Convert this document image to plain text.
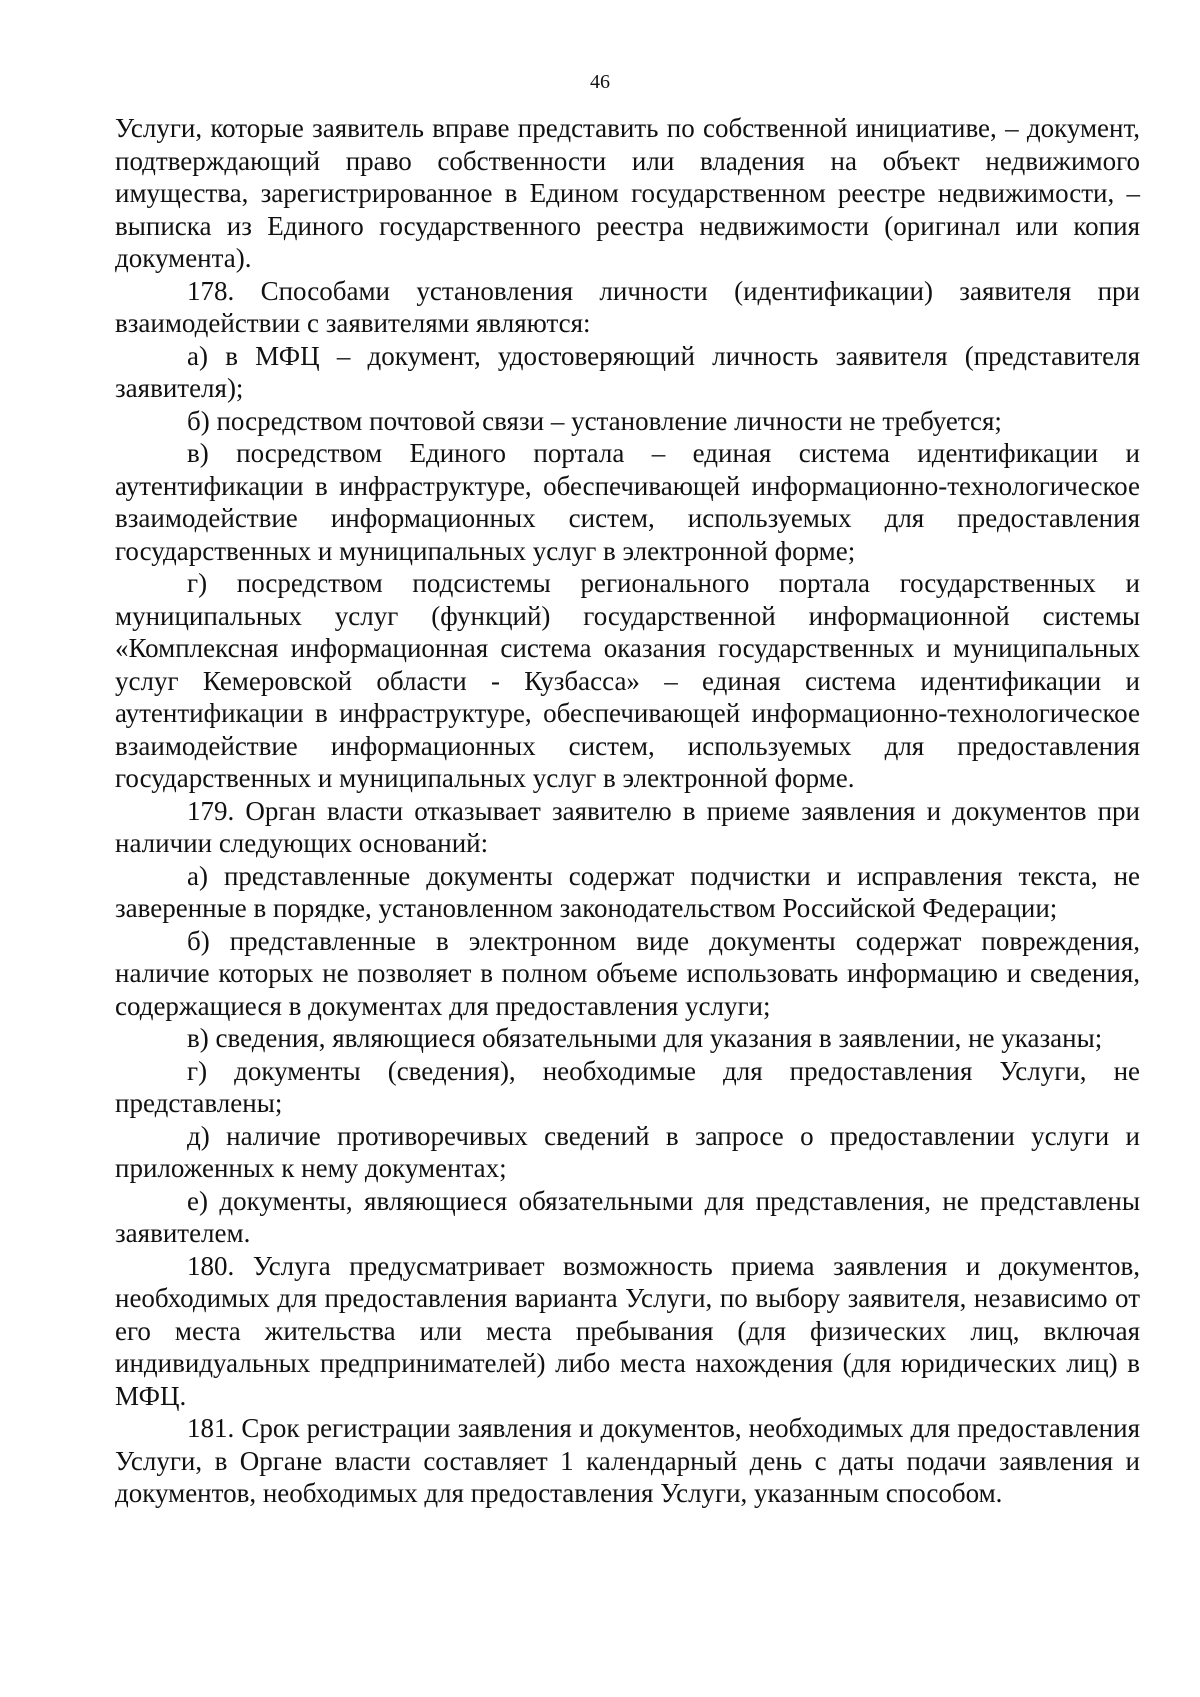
46

Услуги, которые заявитель вправе представить по собственной инициативе, – документ, подтверждающий право собственности или владения на объект недвижимого имущества, зарегистрированное в Едином государственном реестре недвижимости, – выписка из Единого государственного реестра недвижимости (оригинал или копия документа).

178. Способами установления личности (идентификации) заявителя при взаимодействии с заявителями являются:

а) в МФЦ – документ, удостоверяющий личность заявителя (представителя заявителя);

б) посредством почтовой связи – установление личности не требуется;

в) посредством Единого портала – единая система идентификации и аутентификации в инфраструктуре, обеспечивающей информационно-технологическое взаимодействие информационных систем, используемых для предоставления государственных и муниципальных услуг в электронной форме;

г) посредством подсистемы регионального портала государственных и муниципальных услуг (функций) государственной информационной системы «Комплексная информационная система оказания государственных и муниципальных услуг Кемеровской области - Кузбасса» – единая система идентификации и аутентификации в инфраструктуре, обеспечивающей информационно-технологическое взаимодействие информационных систем, используемых для предоставления государственных и муниципальных услуг в электронной форме.

179. Орган власти отказывает заявителю в приеме заявления и документов при наличии следующих оснований:

а) представленные документы содержат подчистки и исправления текста, не заверенные в порядке, установленном законодательством Российской Федерации;

б) представленные в электронном виде документы содержат повреждения, наличие которых не позволяет в полном объеме использовать информацию и сведения, содержащиеся в документах для предоставления услуги;

в) сведения, являющиеся обязательными для указания в заявлении, не указаны;

г) документы (сведения), необходимые для предоставления Услуги, не представлены;

д) наличие противоречивых сведений в запросе о предоставлении услуги и приложенных к нему документах;

е) документы, являющиеся обязательными для представления, не представлены заявителем.

180. Услуга предусматривает возможность приема заявления и документов, необходимых для предоставления варианта Услуги, по выбору заявителя, независимо от его места жительства или места пребывания (для физических лиц, включая индивидуальных предпринимателей) либо места нахождения (для юридических лиц) в МФЦ.

181. Срок регистрации заявления и документов, необходимых для предоставления Услуги, в Органе власти составляет 1 календарный день с даты подачи заявления и документов, необходимых для предоставления Услуги, указанным способом.
